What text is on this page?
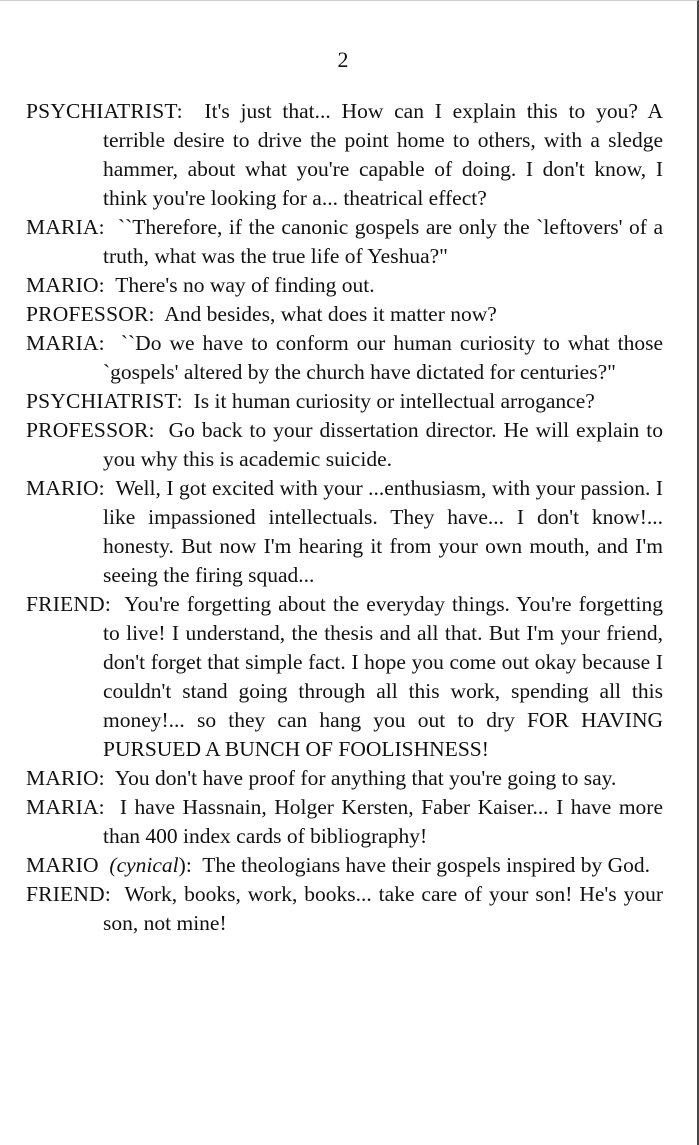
2

PSYCHIATRIST: It's just that... How can I explain this to you? A terrible desire to drive the point home to others, with a sledge hammer, about what you're capable of doing. I don't know, I think you're looking for a... theatrical effect?

MARIA: ``Therefore, if the canonic gospels are only the `leftovers' of a truth, what was the true life of Yeshua?"

MARIO: There's no way of finding out.

PROFESSOR: And besides, what does it matter now?

MARIA: ``Do we have to conform our human curiosity to what those `gospels' altered by the church have dictated for centuries?"

PSYCHIATRIST: Is it human curiosity or intellectual arrogance?

PROFESSOR: Go back to your dissertation director. He will explain to you why this is academic suicide.

MARIO: Well, I got excited with your ...enthusiasm, with your passion. I like impassioned intellectuals. They have... I don't know!... honesty. But now I'm hearing it from your own mouth, and I'm seeing the firing squad...

FRIEND: You're forgetting about the everyday things. You're forgetting to live! I understand, the thesis and all that. But I'm your friend, don't forget that simple fact. I hope you come out okay because I couldn't stand going through all this work, spending all this money!... so they can hang you out to dry FOR HAVING PURSUED A BUNCH OF FOOLISHNESS!

MARIO: You don't have proof for anything that you're going to say.

MARIA: I have Hassnain, Holger Kersten, Faber Kaiser... I have more than 400 index cards of bibliography!

MARIO (cynical): The theologians have their gospels inspired by God.

FRIEND: Work, books, work, books... take care of your son! He's your son, not mine!
